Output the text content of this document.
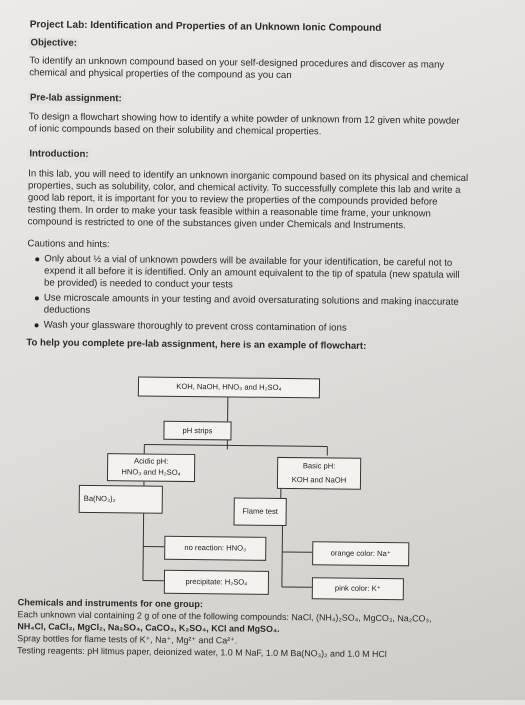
Project Lab: Identification and Properties of an Unknown Ionic Compound
Objective:
To identify an unknown compound based on your self-designed procedures and discover as many
chemical and physical properties of the compound as you can
Pre-lab assignment:
To design a flowchart showing how to identify a white powder of unknown from 12 given white powder
of ionic compounds based on their solubility and chemical properties.
Introduction:
In this lab, you will need to identify an unknown inorganic compound based on its physical and chemical
properties, such as solubility, color, and chemical activity. To successfully complete this lab and write a
good lab report, it is important for you to review the properties of the compounds provided before
testing them. In order to make your task feasible within a reasonable time frame, your unknown
compound is restricted to one of the substances given under Chemicals and Instruments.
Cautions and hints:
Only about ½ a vial of unknown powders will be available for your identification, be careful not to
expend it all before it is identified. Only an amount equivalent to the tip of spatula (new spatula will
be provided) is needed to conduct your tests
Use microscale amounts in your testing and avoid oversaturating solutions and making inaccurate
deductions
Wash your glassware thoroughly to prevent cross contamination of ions
To help you complete pre-lab assignment, here is an example of flowchart:
KOH, NaOH, HNO₃ and H₂SO₄
pH strips
Acidic pH:
HNO₃ and H₂SO₄
Basic pH:
KOH and NaOH
Ba(NO₃)₂
Flame test
no reaction: HNO₃
orange color: Na⁺
precipitate: H₂SO₄
pink color: K⁺
Chemicals and instruments for one group:
Each unknown vial containing 2 g of one of the following compounds: NaCl, (NH₄)₂SO₄, MgCO₃, Na₂CO₃,
NH₄Cl, CaCl₂, MgCl₂, Na₂SO₄, CaCO₃, K₂SO₄, KCl and MgSO₄.
Spray bottles for flame tests of K⁺, Na⁺, Mg²⁺ and Ca²⁺.
Testing reagents: pH litmus paper, deionized water, 1.0 M NaF, 1.0 M Ba(NO₃)₂ and 1.0 M HCl
